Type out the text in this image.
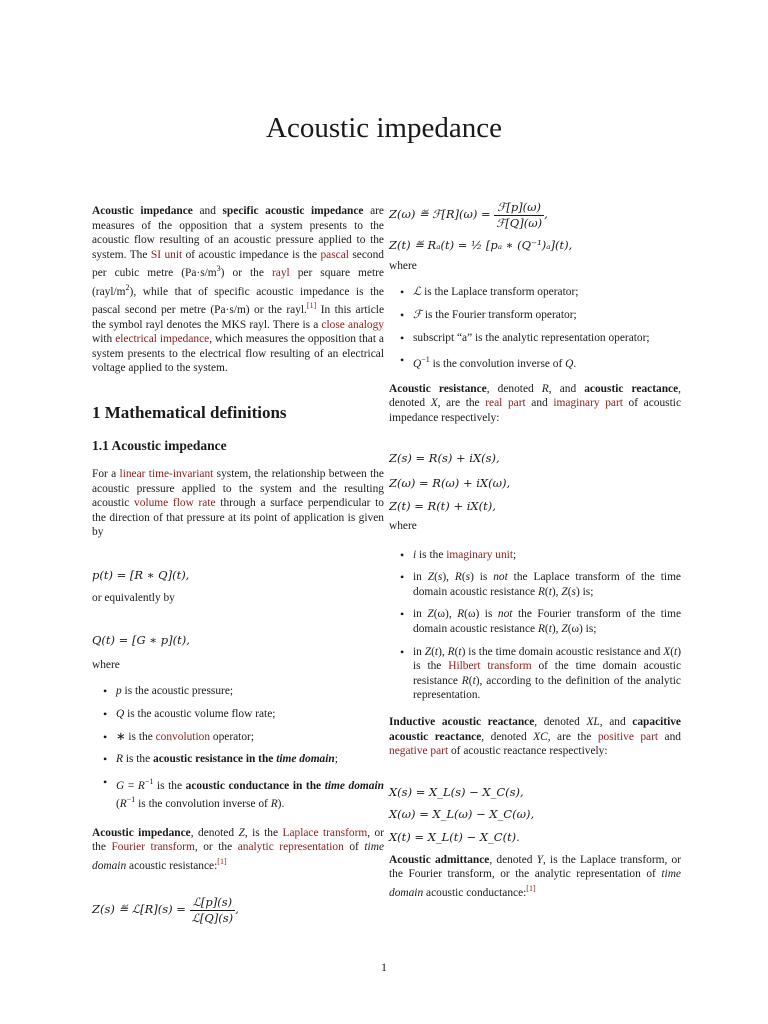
Acoustic impedance

Acoustic impedance and specific acoustic impedance are measures of the opposition that a system presents to the acoustic flow resulting of an acoustic pressure applied to the system. The SI unit of acoustic impedance is the pascal second per cubic metre $(Pa\cdot s/m^3)$ or the rayl per square metre $(rayl/m^2)$, while that of specific acoustic impedance is the pascal second per metre (Pa·s/m) or the rayl.[1] In this article the symbol rayl denotes the MKS rayl. There is a close analogy with electrical impedance, which measures the opposition that a system presents to the electrical flow resulting of an electrical voltage applied to the system.

1 Mathematical definitions
1.1 Acoustic impedance

For a linear time-invariant system, the relationship between the acoustic pressure applied to the system and the resulting acoustic volume flow rate through a surface perpendicular to the direction of that pressure at its point of application is given by

p(t) = [R ∗ Q](t),

or equivalently by

Q(t) = [G ∗ p](t),

where

• p is the acoustic pressure;
• Q is the acoustic volume flow rate;
• ∗ is the convolution operator;
• R is the acoustic resistance in the time domain;
• $G = R^{-1}$ is the acoustic conductance in the time domain ($R^{-1}$ is the convolution inverse of R).

Acoustic impedance, denoted Z, is the Laplace transform, or the Fourier transform, or the analytic representation of time domain acoustic resistance:[1]

Z(s) ≝ ℒ[R](s) = $\frac{\text{ℒ[p](s)}}{\text{ℒ[Q](s)}}$ ,
Z(ω) ≝ ℱ[R](ω) = $\frac{\text{ℱ[p](ω)}}{\text{ℱ[Q](ω)}}$ ,

Z(t) ≝ Rₐ(t) = ½ [pₐ ∗ (Q⁻¹)ₐ](t),

where

• ℒ is the Laplace transform operator;
• ℱ is the Fourier transform operator;
• subscript “a” is the analytic representation operator;
• $Q^{-1}$ is the convolution inverse of Q.

Acoustic resistance, denoted R, and acoustic reactance, denoted X, are the real part and imaginary part of acoustic impedance respectively:

Z(s) = R(s) + iX(s),

Z(ω) = R(ω) + iX(ω),

Z(t) = R(t) + iX(t),

where

• i is the imaginary unit;
• in Z(s), R(s) is not the Laplace transform of the time domain acoustic resistance R(t), Z(s) is;
• in Z(ω), R(ω) is not the Fourier transform of the time domain acoustic resistance R(t), Z(ω) is;
• in Z(t), R(t) is the time domain acoustic resistance and X(t) is the Hilbert transform of the time domain acoustic resistance R(t), according to the definition of the analytic representation.

Inductive acoustic reactance, denoted XL, and capacitive acoustic reactance, denoted XC, are the positive part and negative part of acoustic reactance respectively:

X(s) = X_L(s) − X_C(s),

X(ω) = X_L(ω) − X_C(ω),

X(t) = X_L(t) − X_C(t).

Acoustic admittance, denoted Y, is the Laplace transform, or the Fourier transform, or the analytic representation of time domain acoustic conductance:[1]

1
